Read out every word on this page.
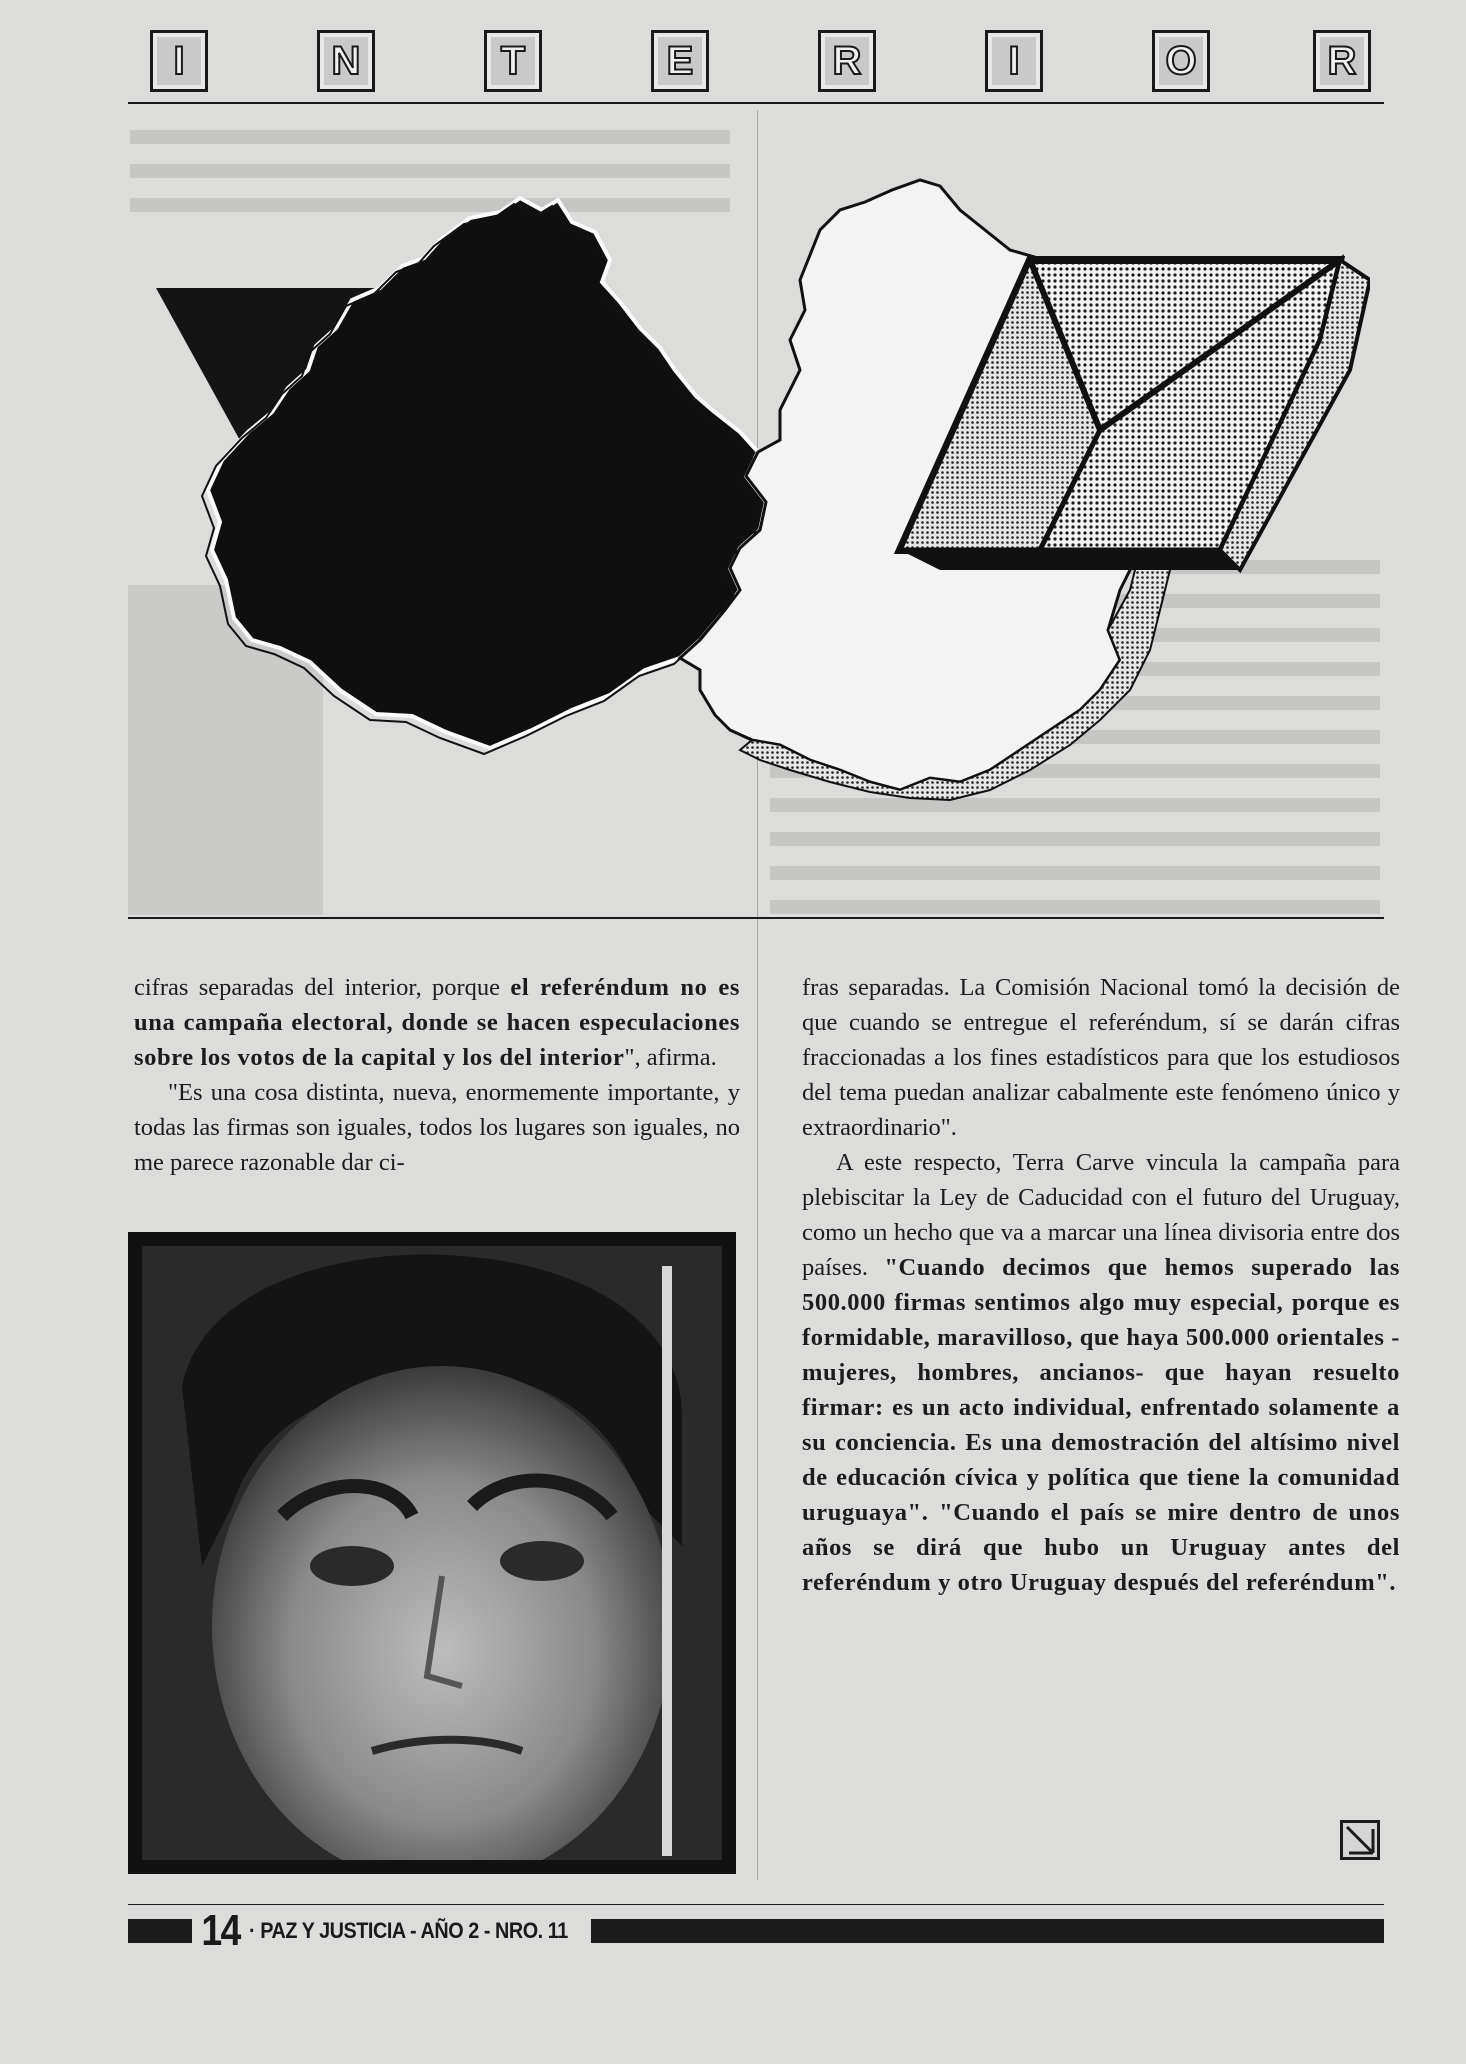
I	N	T	E	R	I	O	R

cifras separadas del interior, porque el referéndum no es una campaña electoral, donde se hacen especulaciones sobre los votos de la capital y los del interior", afirma.

"Es una cosa distinta, nueva, enormemente importante, y todas las firmas son iguales, todos los lugares son iguales, no me parece razonable dar ci-

fras separadas. La Comisión Nacional tomó la decisión de que cuando se entregue el referéndum, sí se darán cifras fraccionadas a los fines estadísticos para que los estudiosos del tema puedan analizar cabalmente este fenómeno único y extraordinario".

A este respecto, Terra Carve vincula la campaña para plebiscitar la Ley de Caducidad con el futuro del Uruguay, como un hecho que va a marcar una línea divisoria entre dos países. "Cuando decimos que hemos superado las 500.000 firmas sentimos algo muy especial, porque es formidable, maravilloso, que haya 500.000 orientales -mujeres, hombres, ancianos- que hayan resuelto firmar: es un acto individual, enfrentado solamente a su conciencia. Es una demostración del altísimo nivel de educación cívica y política que tiene la comunidad uruguaya". "Cuando el país se mire dentro de unos años se dirá que hubo un Uruguay antes del referéndum y otro Uruguay después del referéndum".

14 · PAZ Y JUSTICIA - AÑO 2 - NRO. 11
